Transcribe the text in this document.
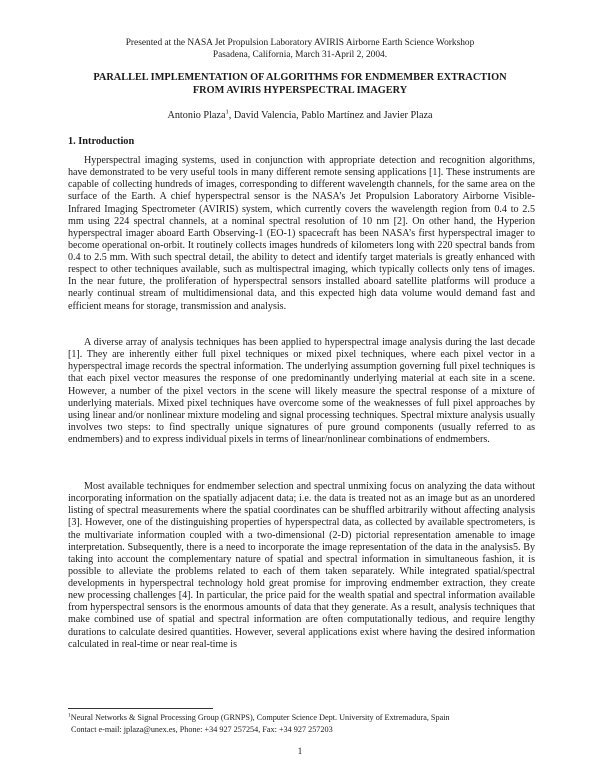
Presented at the NASA Jet Propulsion Laboratory AVIRIS Airborne Earth Science Workshop
Pasadena, California, March 31-April 2, 2004.
PARALLEL IMPLEMENTATION OF ALGORITHMS FOR ENDMEMBER EXTRACTION
FROM AVIRIS HYPERSPECTRAL IMAGERY
Antonio Plaza$^1$, David Valencia, Pablo Martínez and Javier Plaza
1. Introduction

Hyperspectral imaging systems, used in conjunction with appropriate detection and recognition algorithms, have demonstrated to be very useful tools in many different remote sensing applications [1]. These instruments are capable of collecting hundreds of images, corresponding to different wavelength channels, for the same area on the surface of the Earth. A chief hyperspectral sensor is the NASA’s Jet Propulsion Laboratory Airborne Visible-Infrared Imaging Spectrometer (AVIRIS) system, which currently covers the wavelength region from 0.4 to 2.5 mm using 224 spectral channels, at a nominal spectral resolution of 10 nm [2]. On other hand, the Hyperion hyperspectral imager aboard Earth Observing-1 (EO-1) spacecraft has been NASA’s first hyperspectral imager to become operational on-orbit. It routinely collects images hundreds of kilometers long with 220 spectral bands from 0.4 to 2.5 mm. With such spectral detail, the ability to detect and identify target materials is greatly enhanced with respect to other techniques available, such as multispectral imaging, which typically collects only tens of images. In the near future, the proliferation of hyperspectral sensors installed aboard satellite platforms will produce a nearly continual stream of multidimensional data, and this expected high data volume would demand fast and efficient means for storage, transmission and analysis.

A diverse array of analysis techniques has been applied to hyperspectral image analysis during the last decade [1]. They are inherently either full pixel techniques or mixed pixel techniques, where each pixel vector in a hyperspectral image records the spectral information. The underlying assumption governing full pixel techniques is that each pixel vector measures the response of one predominantly underlying material at each site in a scene. However, a number of the pixel vectors in the scene will likely measure the spectral response of a mixture of underlying materials. Mixed pixel techniques have overcome some of the weaknesses of full pixel approaches by using linear and/or nonlinear mixture modeling and signal processing techniques. Spectral mixture analysis usually involves two steps: to find spectrally unique signatures of pure ground components (usually referred to as endmembers) and to express individual pixels in terms of linear/nonlinear combinations of endmembers.

Most available techniques for endmember selection and spectral unmixing focus on analyzing the data without incorporating information on the spatially adjacent data; i.e. the data is treated not as an image but as an unordered listing of spectral measurements where the spatial coordinates can be shuffled arbitrarily without affecting analysis [3]. However, one of the distinguishing properties of hyperspectral data, as collected by available spectrometers, is the multivariate information coupled with a two-dimensional (2-D) pictorial representation amenable to image interpretation. Subsequently, there is a need to incorporate the image representation of the data in the analysis5. By taking into account the complementary nature of spatial and spectral information in simultaneous fashion, it is possible to alleviate the problems related to each of them taken separately. While integrated spatial/spectral developments in hyperspectral technology hold great promise for improving endmember extraction, they create new processing challenges [4]. In particular, the price paid for the wealth spatial and spectral information available from hyperspectral sensors is the enormous amounts of data that they generate. As a result, analysis techniques that make combined use of spatial and spectral information are often computationally tedious, and require lengthy durations to calculate desired quantities. However, several applications exist where having the desired information calculated in real-time or near real-time is

$^1$Neural Networks & Signal Processing Group (GRNPS), Computer Science Dept. University of Extremadura, Spain
Contact e-mail: jplaza@unex.es, Phone: +34 927 257254, Fax: +34 927 257203
1
